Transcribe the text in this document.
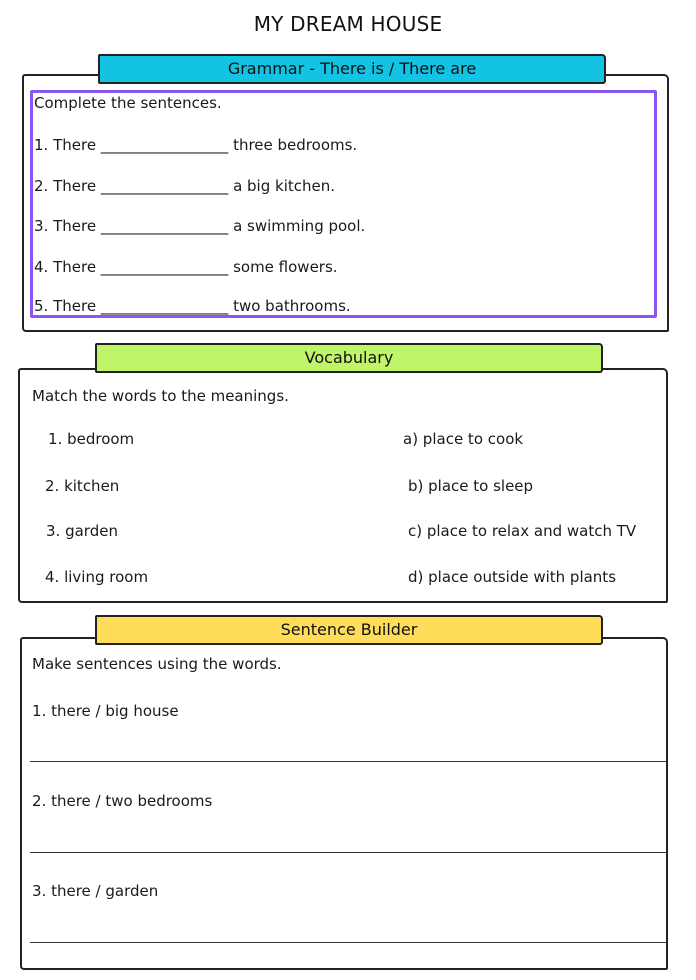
MY DREAM HOUSE
Grammar - There is / There are
Complete the sentences.
1. There _________________ three bedrooms.
2. There _________________ a big kitchen.
3. There _________________ a swimming pool.
4. There _________________ some flowers.
5. There _________________ two bathrooms.
Vocabulary
Match the words to the meanings.
1. bedroom
2. kitchen
3. garden
4. living room
a) place to cook
b) place to sleep
c) place to relax and watch TV
d) place outside with plants
Sentence Builder
Make sentences using the words.
1. there / big house
2. there / two bedrooms
3. there / garden
